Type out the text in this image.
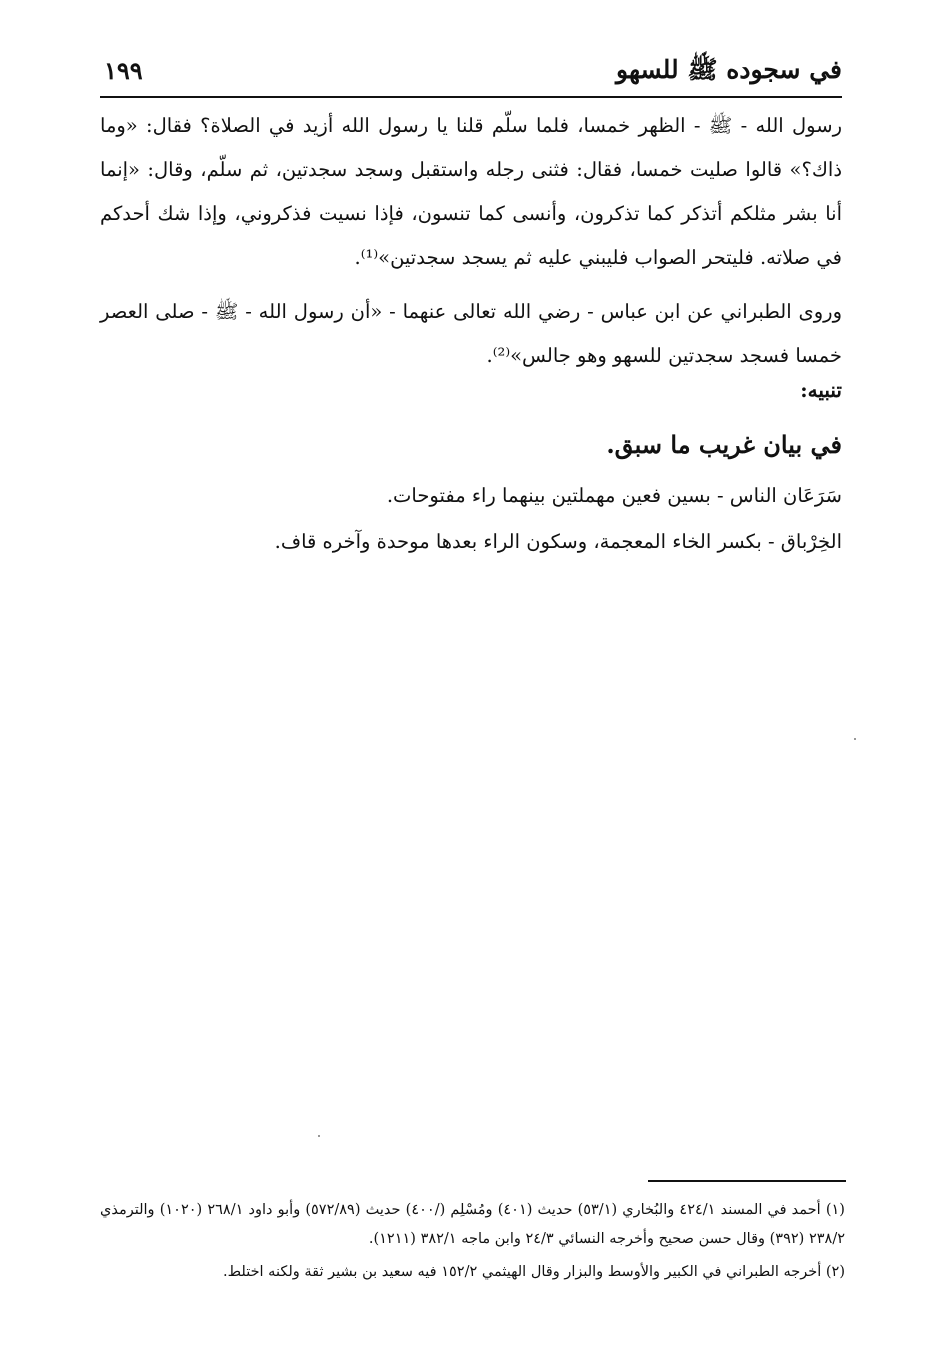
في سجوده ﷺ للسهو
١٩٩

رسول الله - ﷺ - الظهر خمسا، فلما سلّم قلنا يا رسول الله أزيد في الصلاة؟ فقال: «وما ذاك؟» قالوا صليت خمسا، فقال: فثنى رجله واستقبل وسجد سجدتين، ثم سلّم، وقال: «إنما أنا بشر مثلكم أتذكر كما تذكرون، وأنسى كما تنسون، فإذا نسيت فذكروني، وإذا شك أحدكم في صلاته. فليتحر الصواب فليبني عليه ثم يسجد سجدتين»⁽¹⁾.

وروى الطبراني عن ابن عباس - رضي الله تعالى عنهما - «أن رسول الله - ﷺ - صلى العصر خمسا فسجد سجدتين للسهو وهو جالس»⁽²⁾.

تنبيه:
في بيان غريب ما سبق.
سَرَعَان الناس - بسين فعين مهملتين بينهما راء مفتوحات.
الخِرْباق - بكسر الخاء المعجمة، وسكون الراء بعدها موحدة وآخره قاف.

(١) أحمد في المسند ٤٢٤/١ والبُخاري (٥٣/١) حديث (٤٠١) ومُسْلِم (/٤٠٠) حديث (٥٧٢/٨٩) وأبو داود ٢٦٨/١ (١٠٢٠) والترمذي ٢٣٨/٢ (٣٩٢) وقال حسن صحيح وأخرجه النسائي ٢٤/٣ وابن ماجه ٣٨٢/١ (١٢١١).

(٢) أخرجه الطبراني في الكبير والأوسط والبزار وقال الهيثمي ١٥٢/٢ فيه سعيد بن بشير ثقة ولكنه اختلط.
